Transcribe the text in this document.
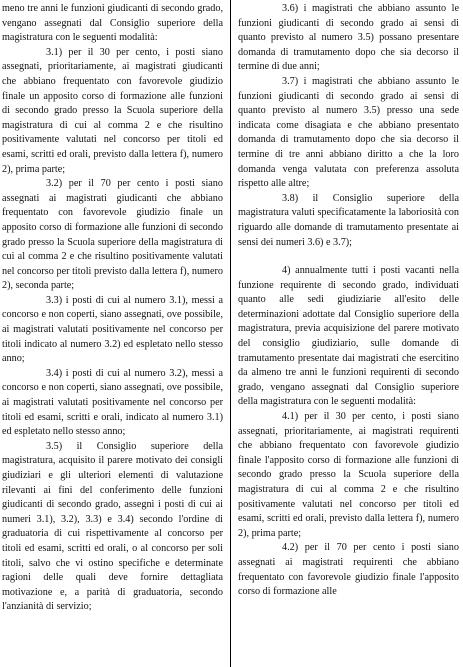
meno tre anni le funzioni giudicanti di secondo grado, vengano assegnati dal Consiglio superiore della magistratura con le seguenti modalità:

3.1) per il 30 per cento, i posti siano assegnati, prioritariamente, ai magistrati giudicanti che abbiano frequentato con favorevole giudizio finale un apposito corso di formazione alle funzioni di secondo grado presso la Scuola superiore della magistratura di cui al comma 2 e che risultino positivamente valutati nel concorso per titoli ed esami, scritti ed orali, previsto dalla lettera f), numero 2), prima parte;

3.2) per il 70 per cento i posti siano assegnati ai magistrati giudicanti che abbiano frequentato con favorevole giudizio finale un apposito corso di formazione alle funzioni di secondo grado presso la Scuola superiore della magistratura di cui al comma 2 e che risultino positivamente valutati nel concorso per titoli previsto dalla lettera f), numero 2), seconda parte;

3.3) i posti di cui al numero 3.1), messi a concorso e non coperti, siano assegnati, ove possibile, ai magistrati valutati positivamente nel concorso per titoli indicato al numero 3.2) ed espletato nello stesso anno;

3.4) i posti di cui al numero 3.2), messi a concorso e non coperti, siano assegnati, ove possibile, ai magistrati valutati positivamente nel concorso per titoli ed esami, scritti e orali, indicato al numero 3.1) ed espletato nello stesso anno;

3.5) il Consiglio superiore della magistratura, acquisito il parere motivato dei consigli giudiziari e gli ulteriori elementi di valutazione rilevanti ai fini del conferimento delle funzioni giudicanti di secondo grado, assegni i posti di cui ai numeri 3.1), 3.2), 3.3) e 3.4) secondo l'ordine di graduatoria di cui rispettivamente al concorso per titoli ed esami, scritti ed orali, o al concorso per soli titoli, salvo che vi ostino specifiche e determinate ragioni delle quali deve fornire dettagliata motivazione e, a parità di graduatoria, secondo l'anzianità di servizio;

3.6) i magistrati che abbiano assunto le funzioni giudicanti di secondo grado ai sensi di quanto previsto al numero 3.5) possano presentare domanda di tramutamento dopo che sia decorso il termine di due anni;

3.7) i magistrati che abbiano assunto le funzioni giudicanti di secondo grado ai sensi di quanto previsto al numero 3.5) presso una sede indicata come disagiata e che abbiano presentato domanda di tramutamento dopo che sia decorso il termine di tre anni abbiano diritto a che la loro domanda venga valutata con preferenza assoluta rispetto alle altre;

3.8) il Consiglio superiore della magistratura valuti specificatamente la laboriosità con riguardo alle domande di tramutamento presentate ai sensi dei numeri 3.6) e 3.7);

4) annualmente tutti i posti vacanti nella funzione requirente di secondo grado, individuati quanto alle sedi giudiziarie all'esito delle determinazioni adottate dal Consiglio superiore della magistratura, previa acquisizione del parere motivato del consiglio giudiziario, sulle domande di tramutamento presentate dai magistrati che esercitino da almeno tre anni le funzioni requirenti di secondo grado, vengano assegnati dal Consiglio superiore della magistratura con le seguenti modalità:

4.1) per il 30 per cento, i posti siano assegnati, prioritariamente, ai magistrati requirenti che abbiano frequentato con favorevole giudizio finale l'apposito corso di formazione alle funzioni di secondo grado presso la Scuola superiore della magistratura di cui al comma 2 e che risultino positivamente valutati nel concorso per titoli ed esami, scritti ed orali, previsto dalla lettera f), numero 2), prima parte;

4.2) per il 70 per cento i posti siano assegnati ai magistrati requirenti che abbiano frequentato con favorevole giudizio finale l'apposito corso di formazione alle
